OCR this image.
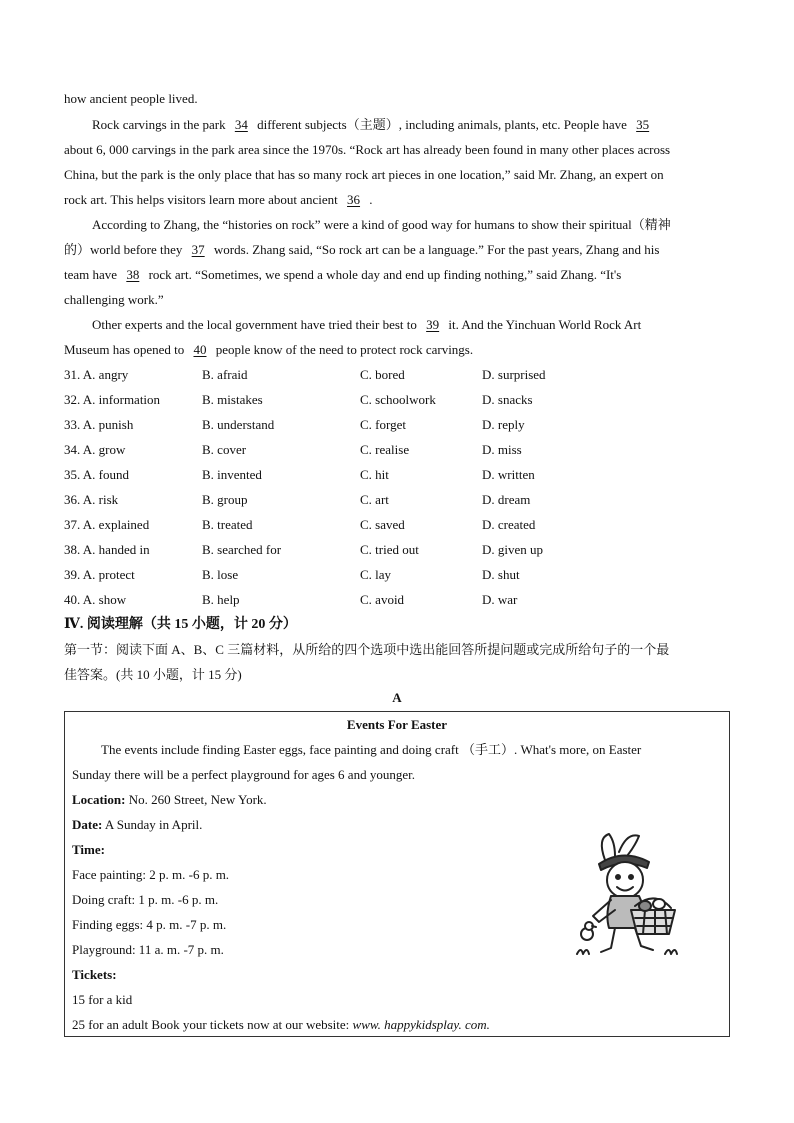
how ancient people lived.
Rock carvings in the park 34 different subjects（主题）, including animals, plants, etc. People have 35
about 6, 000 carvings in the park area since the 1970s. “Rock art has already been found in many other places across
China, but the park is the only place that has so many rock art pieces in one location,” said Mr. Zhang, an expert on
rock art. This helps visitors learn more about ancient 36 .
According to Zhang, the “histories on rock” were a kind of good way for humans to show their spiritual（精神
的）world before they 37 words. Zhang said, “So rock art can be a language.” For the past years, Zhang and his
team have 38 rock art. “Sometimes, we spend a whole day and end up finding nothing,” said Zhang. “It's
challenging work.”
Other experts and the local government have tried their best to 39 it. And the Yinchuan World Rock Art
Museum has opened to 40 people know of the need to protect rock carvings.
31. A. angry	B. afraid	C. bored	D. surprised
32. A. information	B. mistakes	C. schoolwork	D. snacks
33. A. punish	B. understand	C. forget	D. reply
34. A. grow	B. cover	C. realise	D. miss
35. A. found	B. invented	C. hit	D. written
36. A. risk	B. group	C. art	D. dream
37. A. explained	B. treated	C. saved	D. created
38. A. handed in	B. searched for	C. tried out	D. given up
39. A. protect	B. lose	C. lay	D. shut
40. A. show	B. help	C. avoid	D. war
Ⅳ. 阅读理解（共 15 小题，计 20 分）
第一节：阅读下面 A、B、C 三篇材料，从所给的四个选项中选出能回答所提问题或完成所给句子的一个最
佳答案。(共 10 小题，计 15 分)
A
Events For Easter
The events include finding Easter eggs, face painting and doing craft （手工）. What's more, on Easter
Sunday there will be a perfect playground for ages 6 and younger.
Location: No. 260 Street, New York.
Date: A Sunday in April.
Time:
Face painting: 2 p. m. -6 p. m.
Doing craft: 1 p. m. -6 p. m.
Finding eggs: 4 p. m. -7 p. m.
Playground: 11 a. m. -7 p. m.
Tickets:
15 for a kid
25 for an adult Book your tickets now at our website: www. happykidsplay. com.
